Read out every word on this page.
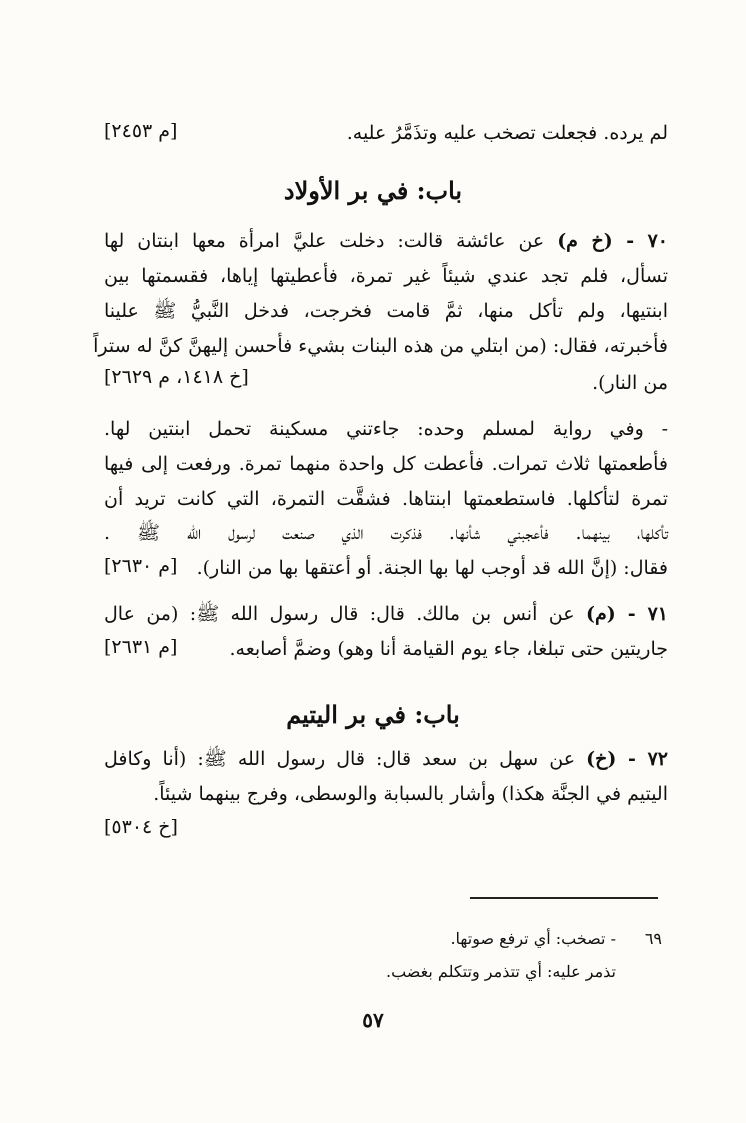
لم يرده. فجعلت تصخب عليه وتذَمَّرُ عليه.
[م ٢٤٥٣]
باب: في بر الأولاد
٧٠ - (خ م) عن عائشة قالت: دخلت عليَّ امرأة معها ابنتان لها
تسأل، فلم تجد عندي شيئاً غير تمرة، فأعطيتها إياها، فقسمتها بين
ابنتيها، ولم تأكل منها، ثمَّ قامت فخرجت، فدخل النَّبيُّ ﷺ علينا
فأخبرته، فقال: (من ابتلي من هذه البنات بشيء فأحسن إليهنَّ كنَّ له ستراً
من النار).
[خ ١٤١٨، م ٢٦٢٩]
- وفي رواية لمسلم وحده: جاءتني مسكينة تحمل ابنتين لها.
فأطعمتها ثلاث تمرات. فأعطت كل واحدة منهما تمرة. ورفعت إلى فيها
تمرة لتأكلها. فاستطعمتها ابنتاها. فشقَّت التمرة، التي كانت تريد أن
تأكلها، بينهما. فأعجبني شأنها. فذكرت الذي صنعت لرسول الله ﷺ .
فقال: (إنَّ الله قد أوجب لها بها الجنة. أو أعتقها بها من النار).
[م ٢٦٣٠]
٧١ - (م) عن أنس بن مالك. قال: قال رسول الله ﷺ: (من عال
جاريتين حتى تبلغا، جاء يوم القيامة أنا وهو) وضمَّ أصابعه.
[م ٢٦٣١]
باب: في بر اليتيم
٧٢ - (خ) عن سهل بن سعد قال: قال رسول الله ﷺ: (أنا وكافل
اليتيم في الجنَّة هكذا) وأشار بالسبابة والوسطى، وفرج بينهما شيئاً.
[خ ٥٣٠٤]
٦٩
- تصخب: أي ترفع صوتها.
تذمر عليه: أي تتذمر وتتكلم بغضب.
٥٧
